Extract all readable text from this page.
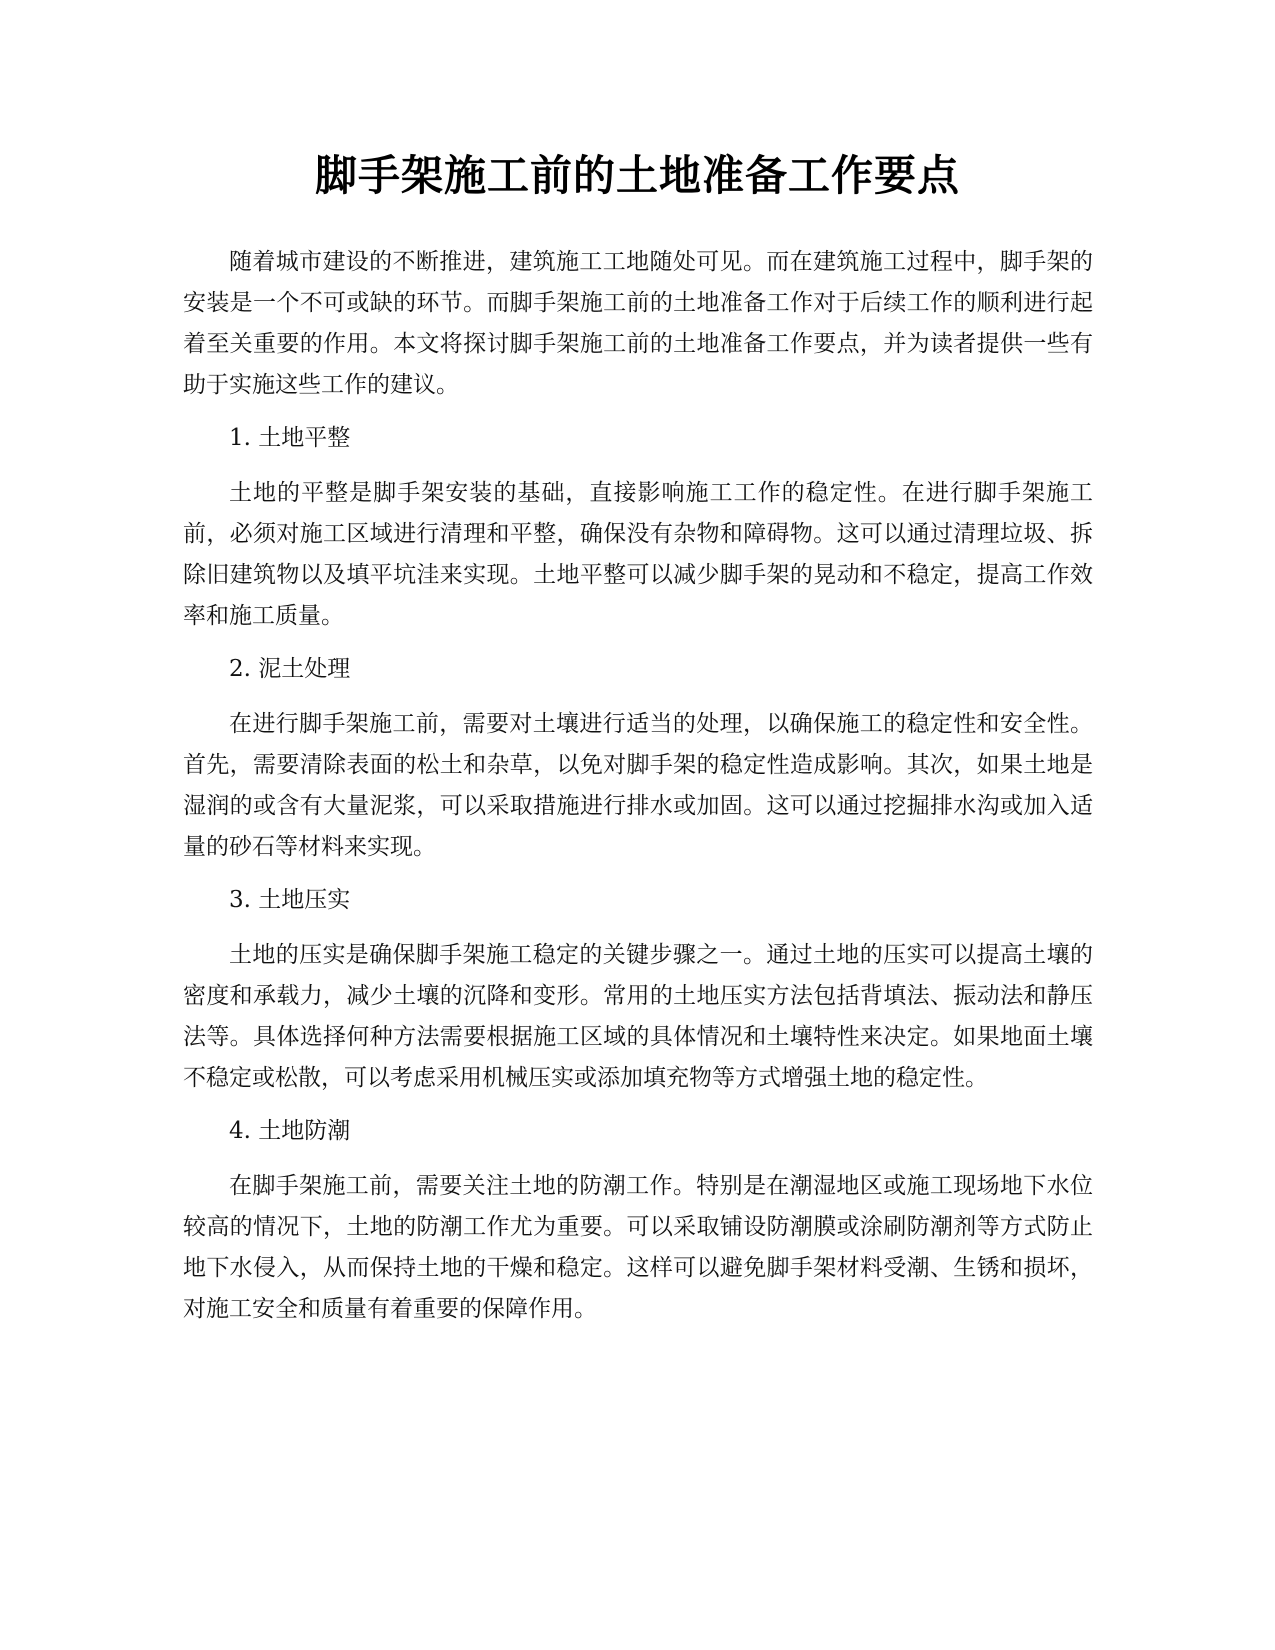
脚手架施工前的土地准备工作要点

随着城市建设的不断推进，建筑施工工地随处可见。而在建筑施工过程中，脚手架的安装是一个不可或缺的环节。而脚手架施工前的土地准备工作对于后续工作的顺利进行起着至关重要的作用。本文将探讨脚手架施工前的土地准备工作要点，并为读者提供一些有助于实施这些工作的建议。

1. 土地平整

土地的平整是脚手架安装的基础，直接影响施工工作的稳定性。在进行脚手架施工前，必须对施工区域进行清理和平整，确保没有杂物和障碍物。这可以通过清理垃圾、拆除旧建筑物以及填平坑洼来实现。土地平整可以减少脚手架的晃动和不稳定，提高工作效率和施工质量。

2. 泥土处理

在进行脚手架施工前，需要对土壤进行适当的处理，以确保施工的稳定性和安全性。首先，需要清除表面的松土和杂草，以免对脚手架的稳定性造成影响。其次，如果土地是湿润的或含有大量泥浆，可以采取措施进行排水或加固。这可以通过挖掘排水沟或加入适量的砂石等材料来实现。

3. 土地压实

土地的压实是确保脚手架施工稳定的关键步骤之一。通过土地的压实可以提高土壤的密度和承载力，减少土壤的沉降和变形。常用的土地压实方法包括背填法、振动法和静压法等。具体选择何种方法需要根据施工区域的具体情况和土壤特性来决定。如果地面土壤不稳定或松散，可以考虑采用机械压实或添加填充物等方式增强土地的稳定性。

4. 土地防潮

在脚手架施工前，需要关注土地的防潮工作。特别是在潮湿地区或施工现场地下水位较高的情况下，土地的防潮工作尤为重要。可以采取铺设防潮膜或涂刷防潮剂等方式防止地下水侵入，从而保持土地的干燥和稳定。这样可以避免脚手架材料受潮、生锈和损坏，对施工安全和质量有着重要的保障作用。
